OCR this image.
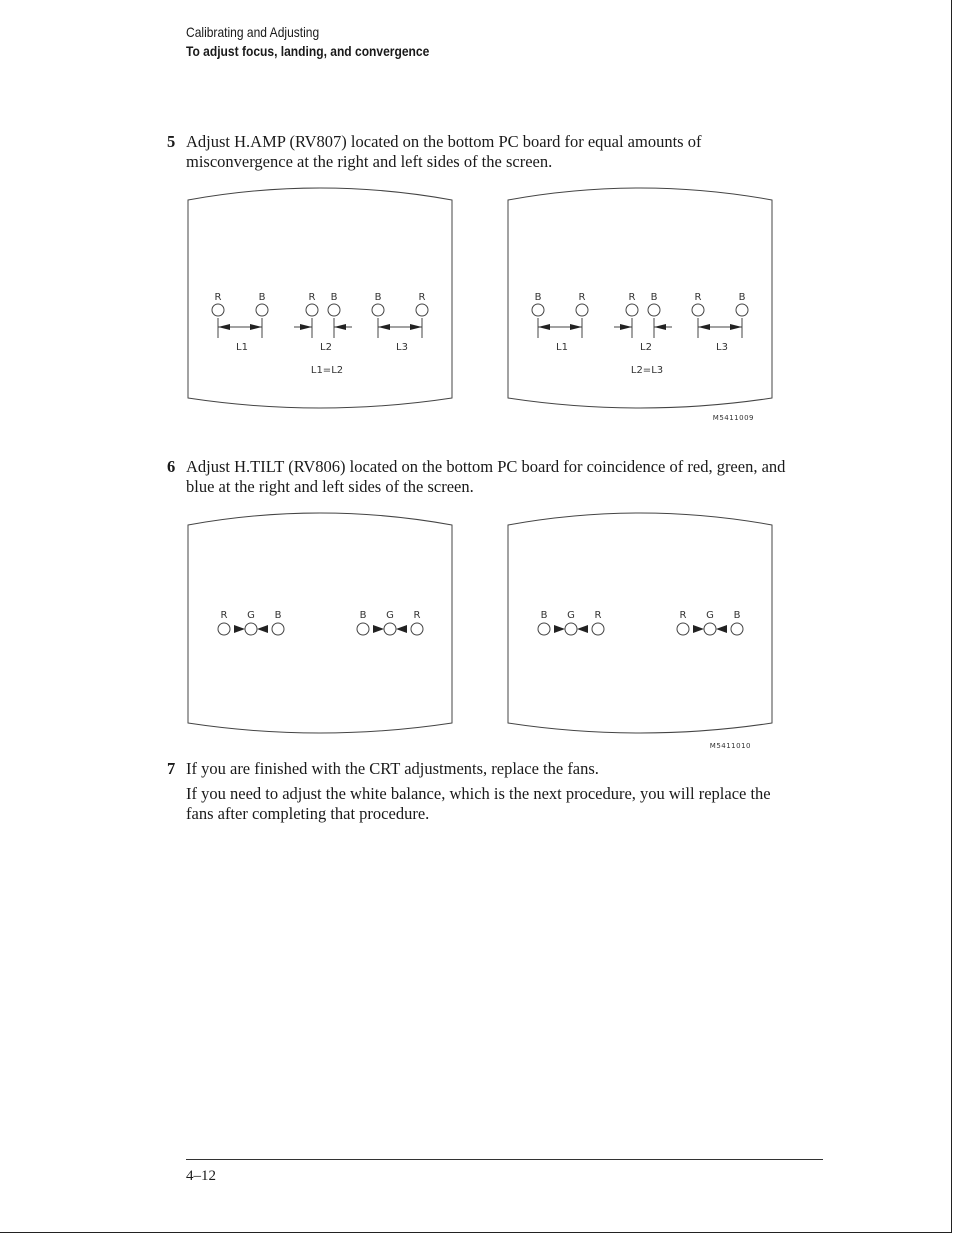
Calibrating and Adjusting
To adjust focus, landing, and convergence
5 Adjust H.AMP (RV807) located on the bottom PC board for equal amounts of misconvergence at the right and left sides of the screen.
R	B
L1
R B
L2
B	R
L3
L1=L2
B	R
L1
R B
L2
R	B
L3
L2=L3
M5411009
6 Adjust H.TILT (RV806) located on the bottom PC board for coincidence of red, green, and blue at the right and left sides of the screen.
R G B	B G R	B G R	R G B
M5411010
7 If you are finished with the CRT adjustments, replace the fans.
If you need to adjust the white balance, which is the next procedure, you will replace the fans after completing that procedure.
4–12
